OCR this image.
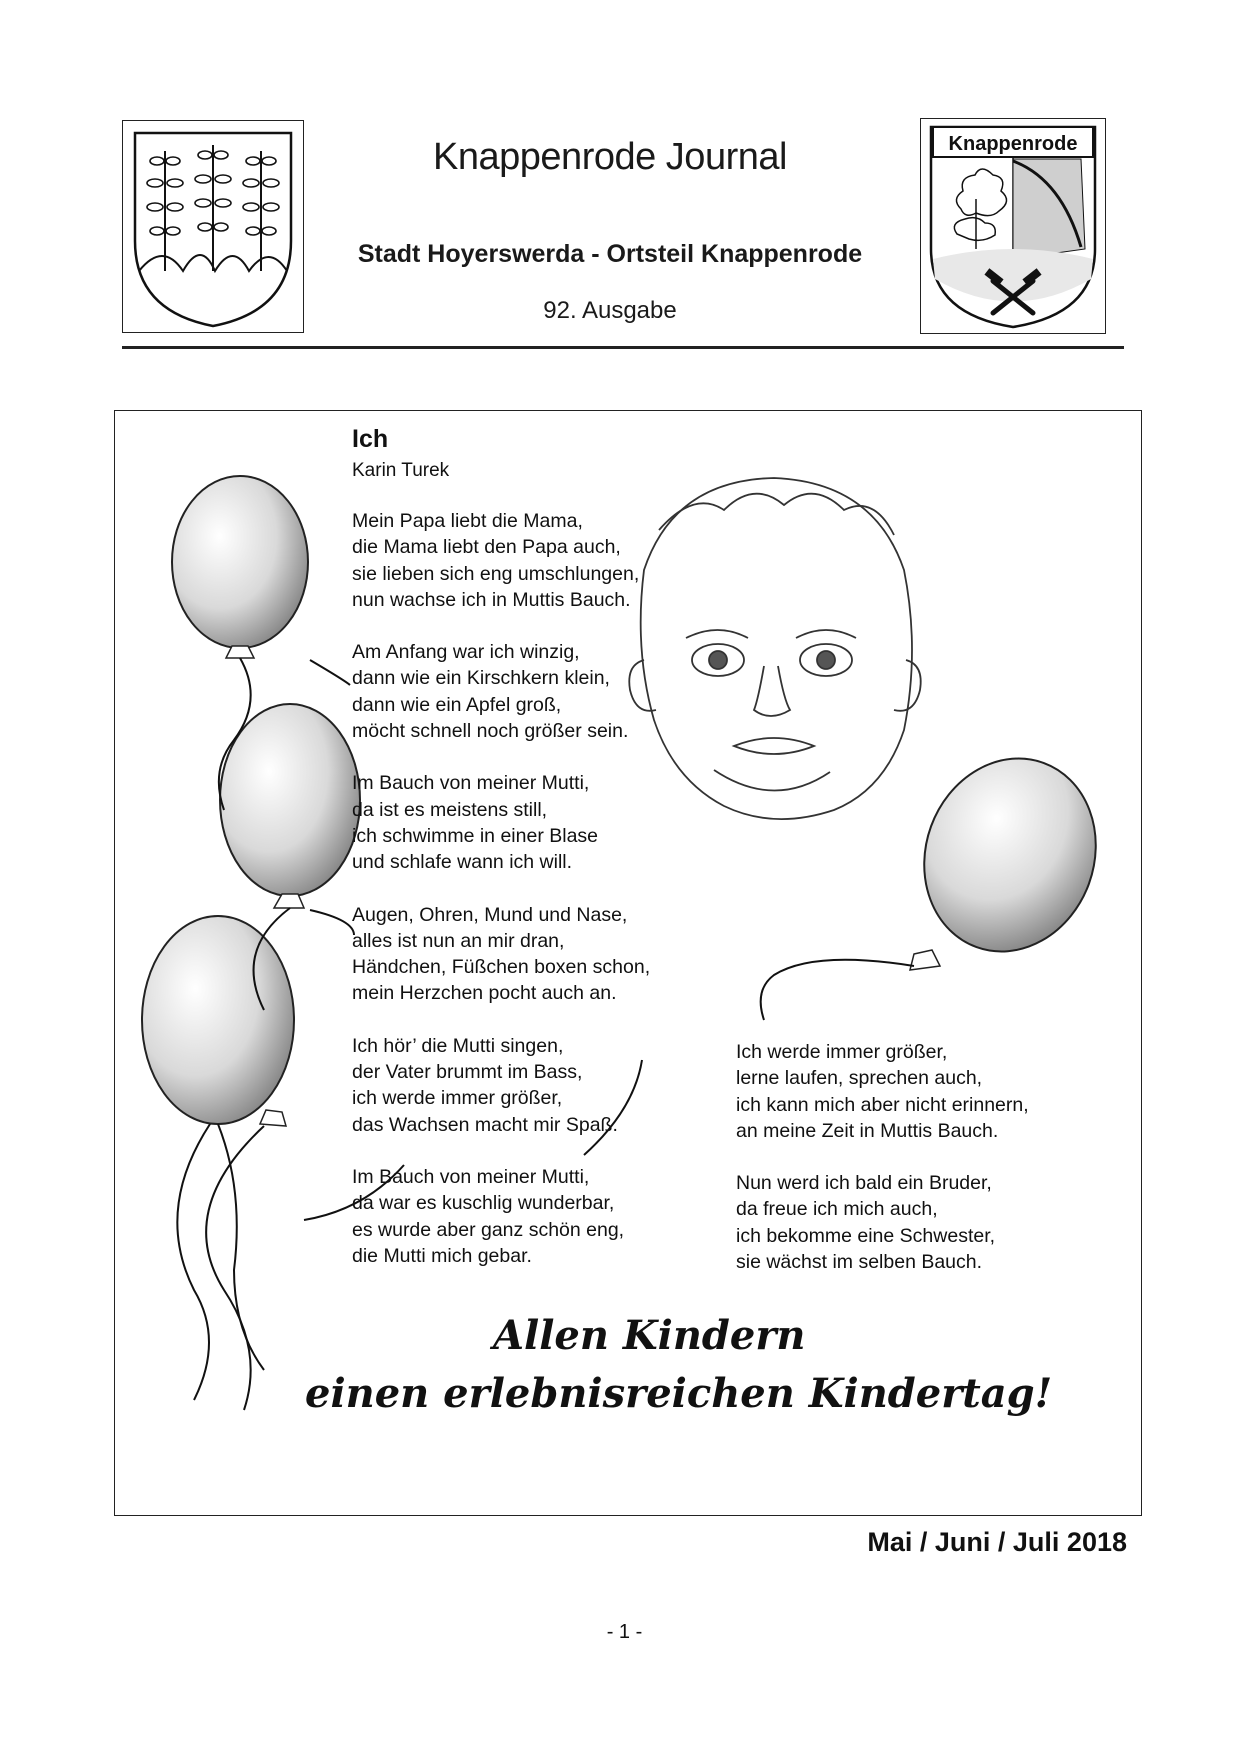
Knappenrode
Knappenrode Journal
Stadt Hoyerswerda - Ortsteil Knappenrode
92. Ausgabe
Ich
Karin Turek
Mein Papa liebt die Mama,
die Mama liebt den Papa auch,
sie lieben sich eng umschlungen,
nun wachse ich in Muttis Bauch.
Am Anfang war ich winzig,
dann wie ein Kirschkern klein,
dann wie ein Apfel groß,
möcht schnell noch größer sein.
Im Bauch von meiner Mutti,
da ist es meistens still,
ich schwimme in einer Blase
und schlafe wann ich will.
Augen, Ohren, Mund und Nase,
alles ist nun an mir dran,
Händchen, Füßchen boxen schon,
mein Herzchen pocht auch an.
Ich hör’ die Mutti singen,
der Vater brummt im Bass,
ich werde immer größer,
das Wachsen macht mir Spaß.
Im Bauch von meiner Mutti,
da war es kuschlig wunderbar,
es wurde aber ganz schön eng,
die Mutti mich gebar.
Ich werde immer größer,
lerne laufen, sprechen auch,
ich kann mich aber nicht erinnern,
an meine Zeit in Muttis Bauch.
Nun werd ich bald ein Bruder,
da freue ich mich auch,
ich bekomme eine Schwester,
sie wächst im selben Bauch.
Allen Kindern
einen erlebnisreichen Kindertag!
Mai / Juni / Juli 2018
- 1 -
